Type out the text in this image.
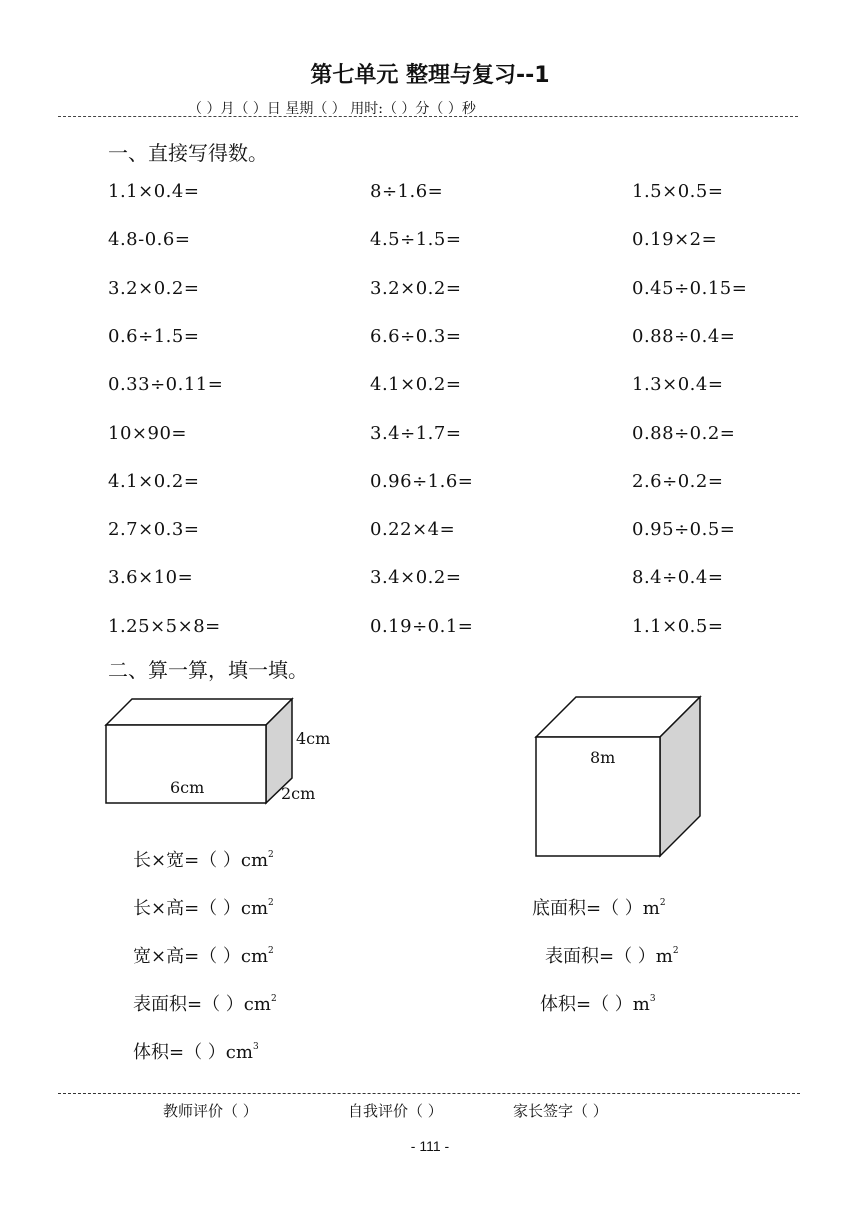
第七单元 整理与复习--1
（ ）月（ ）日 星期（ ） 用时:（ ）分（ ）秒
一、直接写得数。
1.1×0.4=	8÷1.6=	1.5×0.5=
4.8-0.6=	4.5÷1.5=	0.19×2=
3.2×0.2=	3.2×0.2=	0.45÷0.15=
0.6÷1.5=	6.6÷0.3=	0.88÷0.4=
0.33÷0.11=	4.1×0.2=	1.3×0.4=
10×90=	3.4÷1.7=	0.88÷0.2=
4.1×0.2=	0.96÷1.6=	2.6÷0.2=
2.7×0.3=	0.22×4=	0.95÷0.5=
3.6×10=	3.4×0.2=	8.4÷0.4=
1.25×5×8=	0.19÷0.1=	1.1×0.5=
二、算一算，填一填。
4cm
6cm	2cm
8m
长×宽=（ ）$cm^2$
长×高=（ ）$cm^2$
宽×高=（ ）$cm^2$
表面积=（ ）$cm^2$
体积=（ ）$cm^3$
底面积=（ ）$m^2$
表面积=（ ）$m^2$
体积=（ ）$m^3$
教师评价（ ）	自我评价（ ）	家长签字（ ）
- 111 -
